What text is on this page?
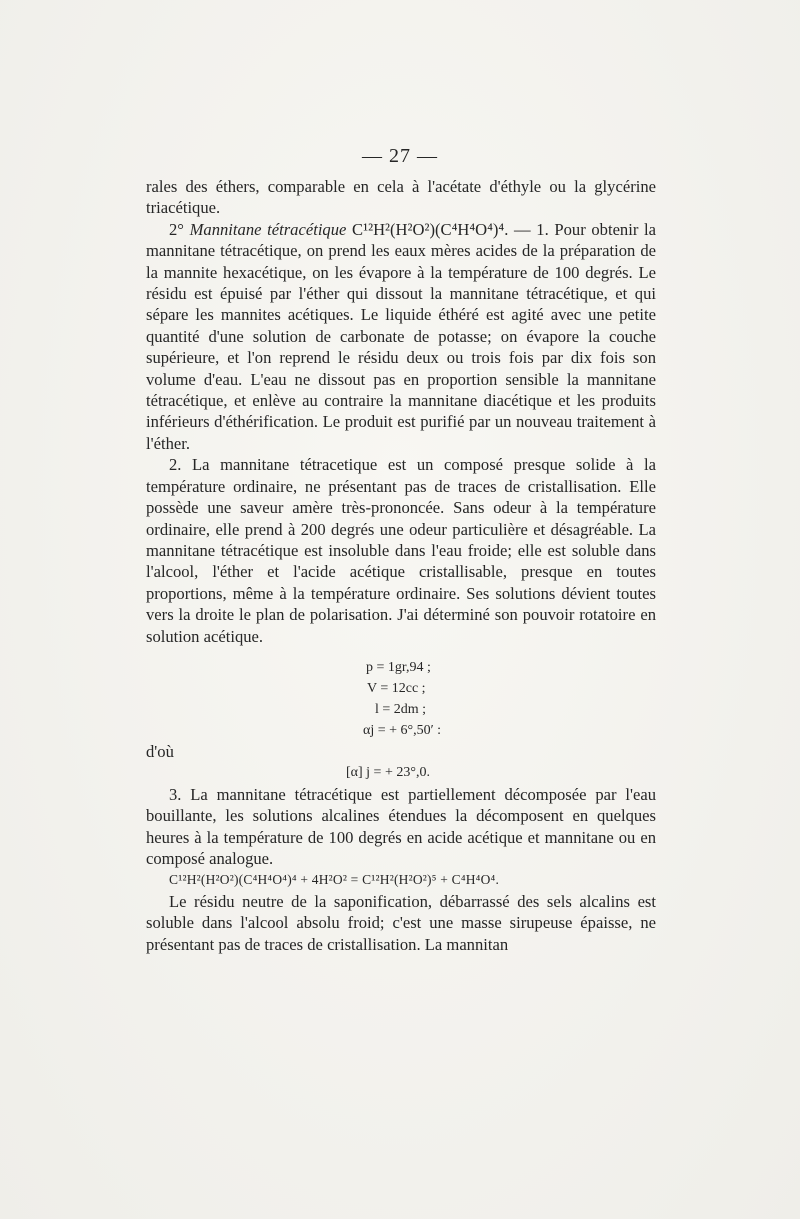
— 27 —

rales des éthers, comparable en cela à l'acétate d'éthyle ou la glycérine triacétique.

2° Mannitane tétracétique C¹²H²(H²O²)(C⁴H⁴O⁴)⁴. — 1. Pour obtenir la mannitane tétracétique, on prend les eaux mères acides de la préparation de la mannite hexacétique, on les évapore à la température de 100 degrés. Le résidu est épuisé par l'éther qui dissout la mannitane tétracétique, et qui sépare les mannites acétiques. Le liquide éthéré est agité avec une petite quantité d'une solution de carbonate de potasse; on évapore la couche supérieure, et l'on reprend le résidu deux ou trois fois par dix fois son volume d'eau. L'eau ne dissout pas en proportion sensible la mannitane tétracétique, et enlève au contraire la mannitane diacétique et les produits inférieurs d'éthérification. Le produit est purifié par un nouveau traitement à l'éther.

2. La mannitane tétracetique est un composé presque solide à la température ordinaire, ne présentant pas de traces de cristallisation. Elle possède une saveur amère très-prononcée. Sans odeur à la température ordinaire, elle prend à 200 degrés une odeur particulière et désagréable. La mannitane tétracétique est insoluble dans l'eau froide; elle est soluble dans l'alcool, l'éther et l'acide acétique cristallisable, presque en toutes proportions, même à la température ordinaire. Ses solutions dévient toutes vers la droite le plan de polarisation. J'ai déterminé son pouvoir rotatoire en solution acétique.

p = 1gr,94 ;
V = 12cc ;
l = 2dm ;
αj = + 6°,50′ :

d'où

[α] j = + 23°,0.

3. La mannitane tétracétique est partiellement décomposée par l'eau bouillante, les solutions alcalines étendues la décomposent en quelques heures à la température de 100 degrés en acide acétique et mannitane ou en composé analogue.

C¹²H²(H²O²)(C⁴H⁴O⁴)⁴ + 4H²O² = C¹²H²(H²O²)⁵ + C⁴H⁴O⁴.

Le résidu neutre de la saponification, débarrassé des sels alcalins est soluble dans l'alcool absolu froid; c'est une masse sirupeuse épaisse, ne présentant pas de traces de cristallisation. La mannitan
